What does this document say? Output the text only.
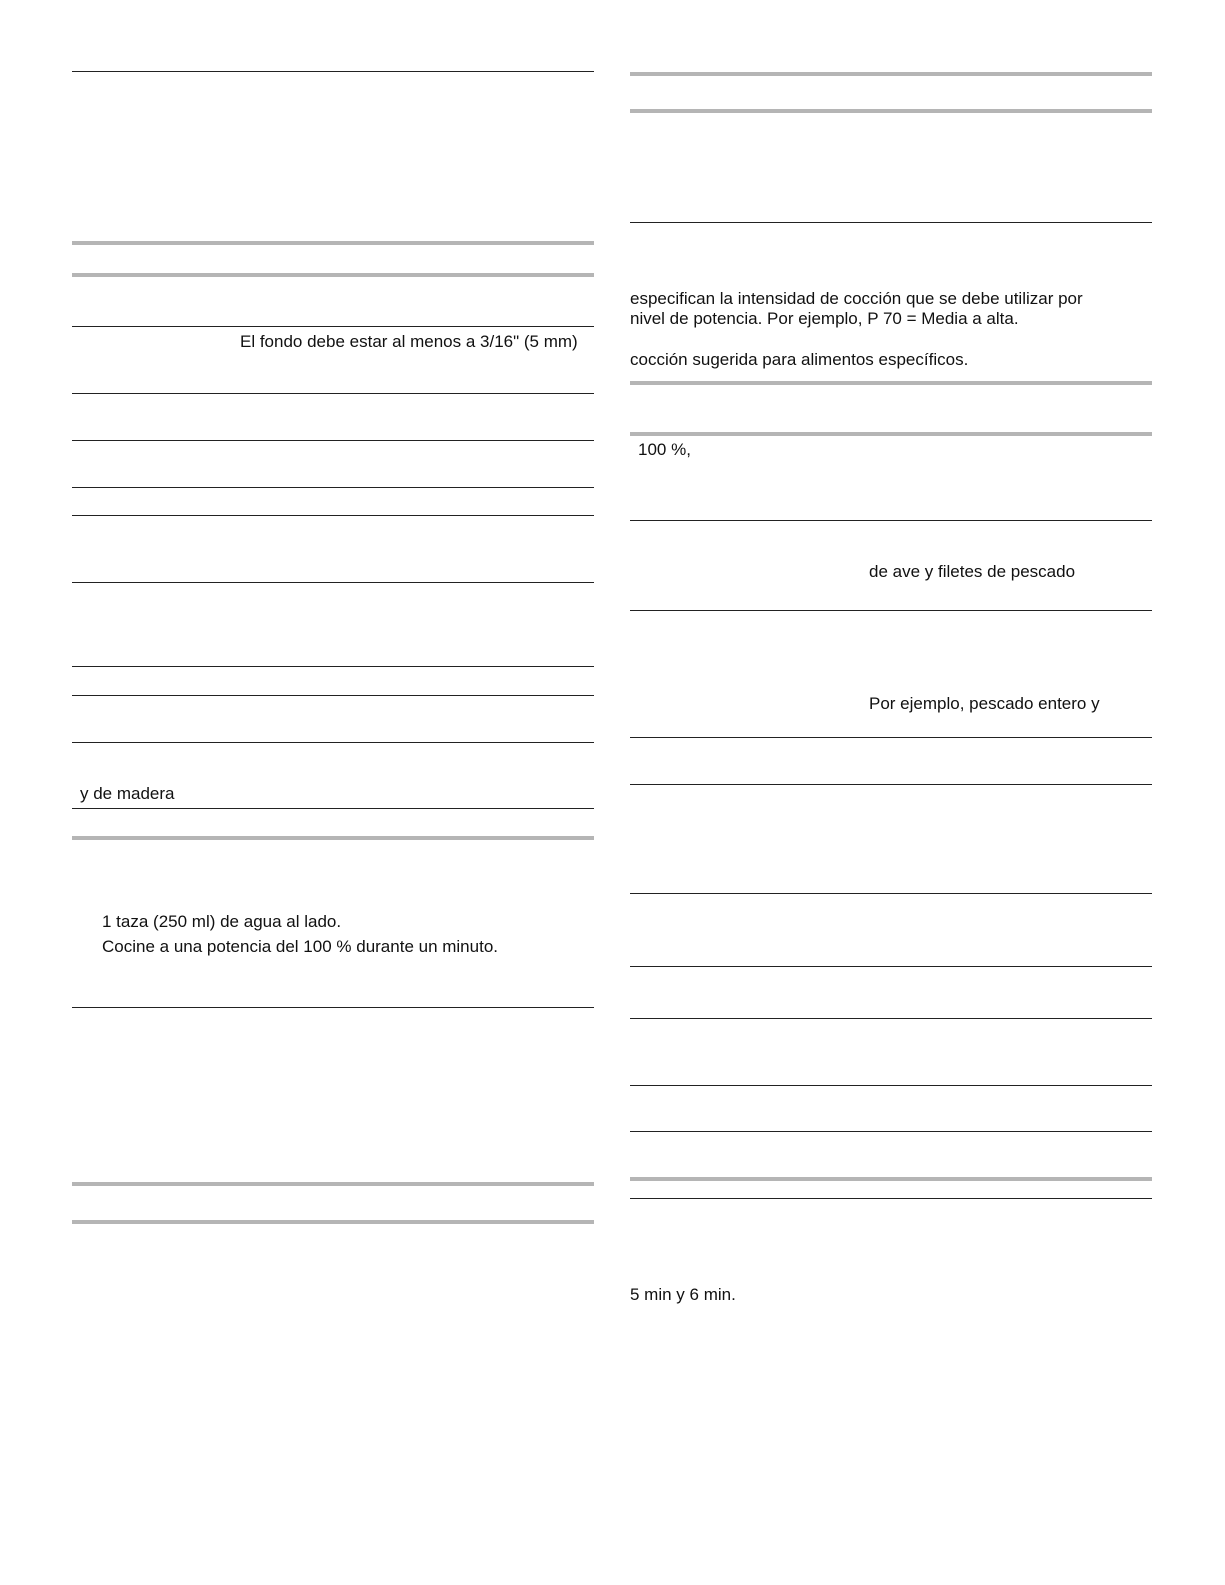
El fondo debe estar al menos a 3/16" (5 mm)
y de madera
1 taza (250 ml) de agua al lado.
Cocine a una potencia del 100 % durante un minuto.
especifican la intensidad de cocción que se debe utilizar por
nivel de potencia. Por ejemplo, P 70 = Media a alta.
cocción sugerida para alimentos específicos.
100 %,
de ave y filetes de pescado
Por ejemplo, pescado entero y
5 min y 6 min.
